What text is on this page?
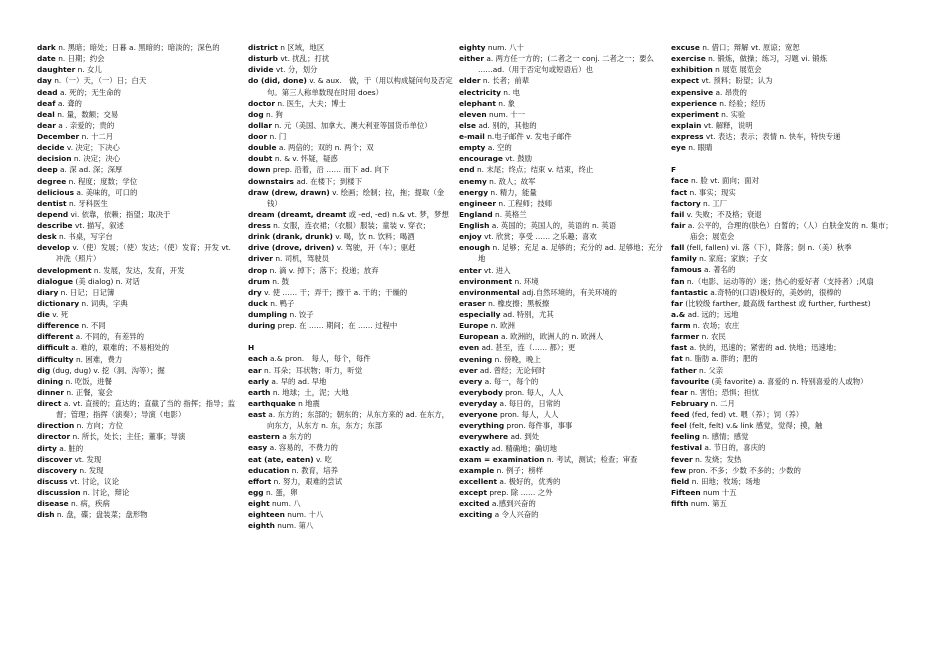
dark n. 黑暗；暗处；日暮 a. 黑暗的；暗淡的；深色的
date n. 日期；约会
daughter n. 女儿
day n.（一）天，（一）日；白天
dead a. 死的；无生命的
deaf a. 聋的
deal n. 量，数额；交易
dear a . 亲爱的；贵的
December n. 十二月
decide v. 决定；下决心
decision n. 决定；决心
deep a. 深 ad. 深；深厚
degree n. 程度；度数；学位
delicious a. 美味的，可口的
dentist n. 牙科医生
depend vi. 依靠，依赖；指望；取决于
describe vt. 描写，叙述
desk n. 书桌，写字台
develop v.（使）发展；（使）发达；（使）发育；开发 vt. 冲洗（照片）
development n. 发展，发达，发育，开发
dialogue (美 dialog) n. 对话
diary n. 日记；日记簿
dictionary n. 词典，字典
die v. 死
difference n. 不同
different a. 不同的，有差异的
difficult a. 难的，艰难的；不易相处的
difficulty n. 困难，费力
dig (dug, dug) v. 挖（洞、沟等）；掘
dining n. 吃饭，进餐
dinner n. 正餐，宴会
direct a. vt. 直接的；直达的；直截了当的 指挥；指导；监督；管理；指挥（演奏）；导演（电影）
direction n. 方向；方位
director n. 所长，处长；主任；董事；导演
dirty a. 脏的
discover vt. 发现
discovery n. 发现
discuss vt. 讨论，议论
discussion n. 讨论，辩论
disease n. 病，疾病
dish n. 盘，碟；盘装菜；盘形物
district n 区域，地区
disturb vt. 扰乱；打扰
divide vt. 分，划分
do (did, done) v. & aux.　做，干（用以构成疑问句及否定句。第三人称单数现在时用 does）
doctor n. 医生，大夫；博士
dog n. 狗
dollar n. 元（美国、加拿大、澳大利亚等国货币单位）
door n. 门
double a. 两倍的；双的 n. 两个；双
doubt n. & v. 怀疑，疑惑
down prep. 沿着，沿 …… 而下 ad. 向下
downstairs ad. 在楼下；到楼下
draw (drew, drawn) v. 绘画；绘制；拉，拖；提取（金钱）
dream (dreamt, dreamt 或 -ed, -ed) n.& vt. 梦，梦想
dress n. 女服，连衣裙；（衣服）服装；童装 v. 穿衣；
drink (drank, drunk) v. 喝，饮 n. 饮料；喝酒
drive (drove, driven) v. 驾驶，开（车）；驱赶
driver n. 司机，驾驶员
drop n. 滴 v. 掉下；落下；投递；放弃
drum n. 鼓
dry v. 使 …… 干；弄干；擦干 a. 干的；干燥的
duck n. 鸭子
dumpling n. 饺子
during prep. 在 …… 期间；在 …… 过程中
H
each a.& pron.　每人，每个，每件
ear n. 耳朵；耳状物；听力，听觉
early a. 早的 ad. 早地
earth n. 地球；土，泥；大地
earthquake n 地震
east a. 东方的；东部的；朝东的；从东方来的 ad. 在东方，向东方，从东方 n. 东，东方；东部
eastern a 东方的
easy a. 容易的，不费力的
eat (ate, eaten) v. 吃
education n. 教育，培养
effort n. 努力，艰难的尝试
egg n. 蛋，卵
eight num. 八
eighteen num. 十八
eighth num. 第八
eighty num. 八十
either a. 两方任一方的；(二者之一 conj. 二者之一；要么 ……ad.（用于否定句或短语后）也
elder n. 长者；前辈
electricity n. 电
elephant n. 象
eleven num. 十一
else ad. 别的，其他的
e-mail n.电子邮件 v. 发电子邮件
empty a. 空的
encourage vt. 鼓励
end n. 末尾；终点；结束 v. 结束，终止
enemy n. 敌人；故军
energy n. 精力，能量
engineer n. 工程师；技师
England n. 英格兰
English a. 英国的；英国人的，英语的 n. 英语
enjoy vt. 欣赏；享受 …… 之乐趣；喜欢
enough n. 足够；充足 a. 足够的；充分的 ad. 足够地；充分地
enter vt. 进入
environment n. 环境
environmental adj.自然环境的，有关环境的
eraser n. 橡皮擦；黑板擦
especially ad. 特别，尤其
Europe n. 欧洲
European a. 欧洲的，欧洲人的 n. 欧洲人
even ad. 甚至，连（…… 都）；更
evening n. 傍晚，晚上
ever ad. 曾经；无论何时
every a. 每一，每个的
everybody pron. 每人，人人
everyday a. 每日的，日常的
everyone pron. 每人，人人
everything pron. 每件事，事事
everywhere ad. 到处
exactly ad. 精确地；确切地
exam = examination n. 考试，测试；检查；审查
example n. 例子；榜样
excellent a. 极好的，优秀的
except prep. 除 …… 之外
excited a.感到兴奋的
exciting a 令人兴奋的
excuse n. 借口；辩解 vt. 原谅；宽恕
exercise n. 锻炼，做操；练习，习题 vi. 锻炼
exhibition n 展览 展览会
expect vt. 预料；盼望；认为
expensive a. 昂贵的
experience n. 经验；经历
experiment n. 实验
explain vt. 解释，说明
express vt. 表达；表示；表情 n. 快车，特快专递
eye n. 眼睛
F
face n. 脸 vt. 面向；面对
fact n. 事实；现实
factory n. 工厂
fail v. 失败；不及格；衰退
fair a. 公平的，合理的(肤色）白皙的；（人）白肤金发的 n. 集市；庙会；展览会
fall (fell, fallen) vi. 落（下），降落；倒 n.（美）秋季
family n. 家庭；家族；子女
famous a. 著名的
fan n.（电影、运动等的）迷；热心的爱好者（支持者）;风扇
fantastic a.奇特的(口语)极好的，美妙的，很棒的
far (比较级 farther, 最高级 farthest 或 further, furthest)
a.& ad. 远的；远地
farm n. 农场；农庄
farmer n. 农民
fast a. 快的，迅速的；紧密的 ad. 快地；迅速地；
fat n. 脂肪 a. 胖的；肥的
father n. 父亲
favourite (美 favorite) a. 喜爱的 n. 特别喜爱的人或物）
fear n. 害怕；恐惧；担忧
February n. 二月
feed (fed, fed) vt. 喂（养）；饲（养）
feel (felt, felt) v.& link 感觉，觉得；摸，触
feeling n. 感情；感觉
festival a. 节日的，喜庆的
fever n. 发烧；发热
few pron. 不多；少数 不多的；少数的
field n. 田地；牧场；场地
Fifteen num 十五
fifth num. 第五
